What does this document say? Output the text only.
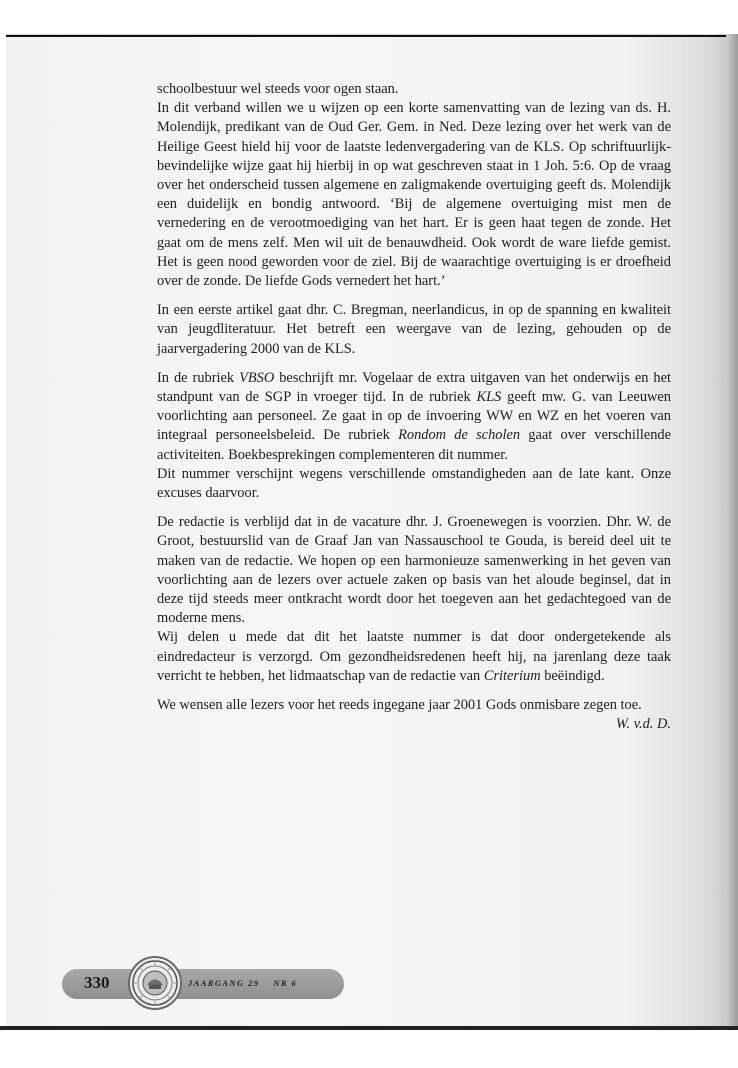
schoolbestuur wel steeds voor ogen staan.

In dit verband willen we u wijzen op een korte samenvatting van de lezing van ds. H. Molendijk, predikant van de Oud Ger. Gem. in Ned. Deze lezing over het werk van de Heilige Geest hield hij voor de laatste ledenvergadering van de KLS. Op schriftuurlijk-bevindelijke wijze gaat hij hierbij in op wat geschreven staat in 1 Joh. 5:6. Op de vraag over het onderscheid tussen algemene en zaligmakende overtuiging geeft ds. Molendijk een duidelijk en bondig antwoord. ‘Bij de algemene overtuiging mist men de vernedering en de verootmoediging van het hart. Er is geen haat tegen de zonde. Het gaat om de mens zelf. Men wil uit de benauwdheid. Ook wordt de ware liefde gemist. Het is geen nood geworden voor de ziel. Bij de waarachtige overtuiging is er droefheid over de zonde. De liefde Gods vernedert het hart.’

In een eerste artikel gaat dhr. C. Bregman, neerlandicus, in op de spanning en kwaliteit van jeugdliteratuur. Het betreft een weergave van de lezing, gehouden op de jaarvergadering 2000 van de KLS.

In de rubriek VBSO beschrijft mr. Vogelaar de extra uitgaven van het onderwijs en het standpunt van de SGP in vroeger tijd. In de rubriek KLS geeft mw. G. van Leeuwen voorlichting aan personeel. Ze gaat in op de invoering WW en WZ en het voeren van integraal personeelsbeleid. De rubriek Rondom de scholen gaat over verschillende activiteiten. Boekbesprekingen complementeren dit nummer.

Dit nummer verschijnt wegens verschillende omstandigheden aan de late kant. Onze excuses daarvoor.

De redactie is verblijd dat in de vacature dhr. J. Groenewegen is voorzien. Dhr. W. de Groot, bestuurslid van de Graaf Jan van Nassauschool te Gouda, is bereid deel uit te maken van de redactie. We hopen op een harmonieuze samenwerking in het geven van voorlichting aan de lezers over actuele zaken op basis van het aloude beginsel, dat in deze tijd steeds meer ontkracht wordt door het toegeven aan het gedachtegoed van de moderne mens.

Wij delen u mede dat dit het laatste nummer is dat door ondergetekende als eindredacteur is verzorgd. Om gezondheidsredenen heeft hij, na jarenlang deze taak verricht te hebben, het lidmaatschap van de redactie van Criterium beëindigd.

We wensen alle lezers voor het reeds ingegane jaar 2001 Gods onmisbare zegen toe.

W. v.d. D.

330	JAARGANG 29 NR 6
